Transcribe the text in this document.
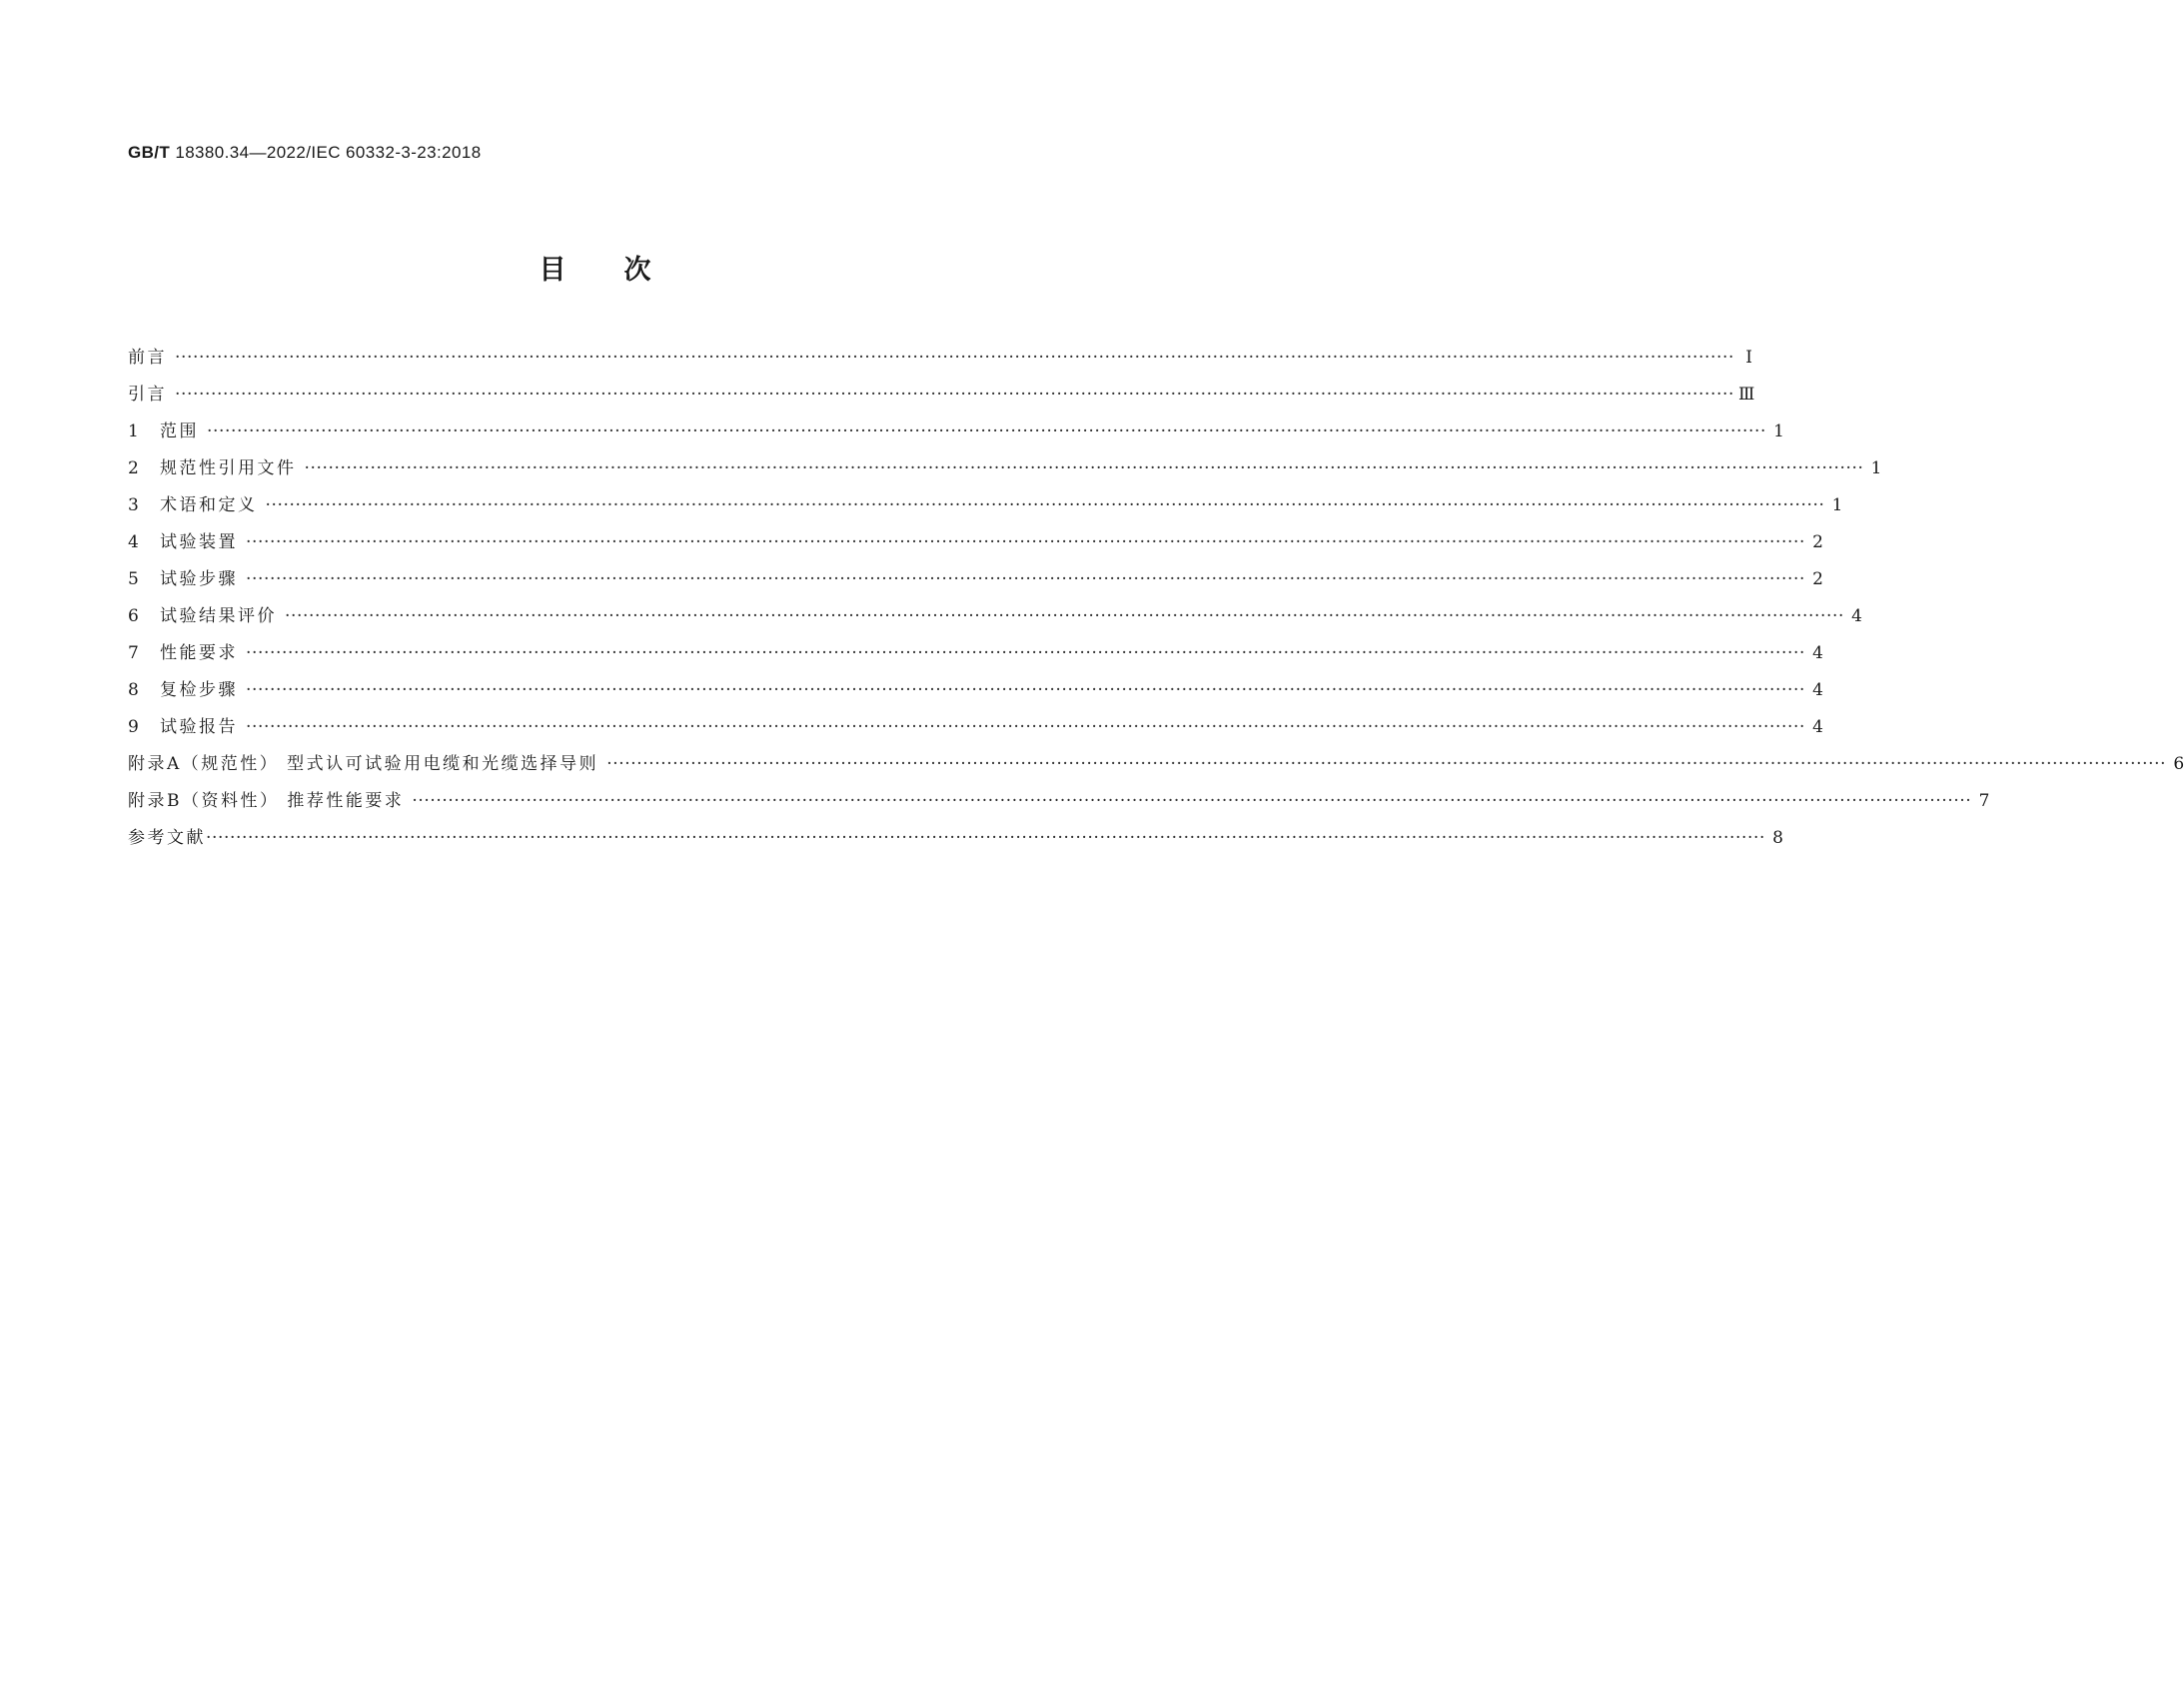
GB/T 18380.34—2022/IEC 60332-3-23:2018
目次
前言 ···································································································································································································································································· Ⅰ
引言 ···································································································································································································································································· Ⅲ
1	范围 ···································································································································································································································································· 1
2	规范性引用文件 ···································································································································································································································································· 1
3	术语和定义 ···································································································································································································································································· 1
4	试验装置 ···································································································································································································································································· 2
5	试验步骤 ···································································································································································································································································· 2
6	试验结果评价 ···································································································································································································································································· 4
7	性能要求 ···································································································································································································································································· 4
8	复检步骤 ···································································································································································································································································· 4
9	试验报告 ···································································································································································································································································· 4
附录A（规范性） 型式认可试验用电缆和光缆选择导则 ···································································································································································································································································· 6
附录B（资料性） 推荐性能要求 ···································································································································································································································································· 7
参考文献 ···································································································································································································································································· 8
